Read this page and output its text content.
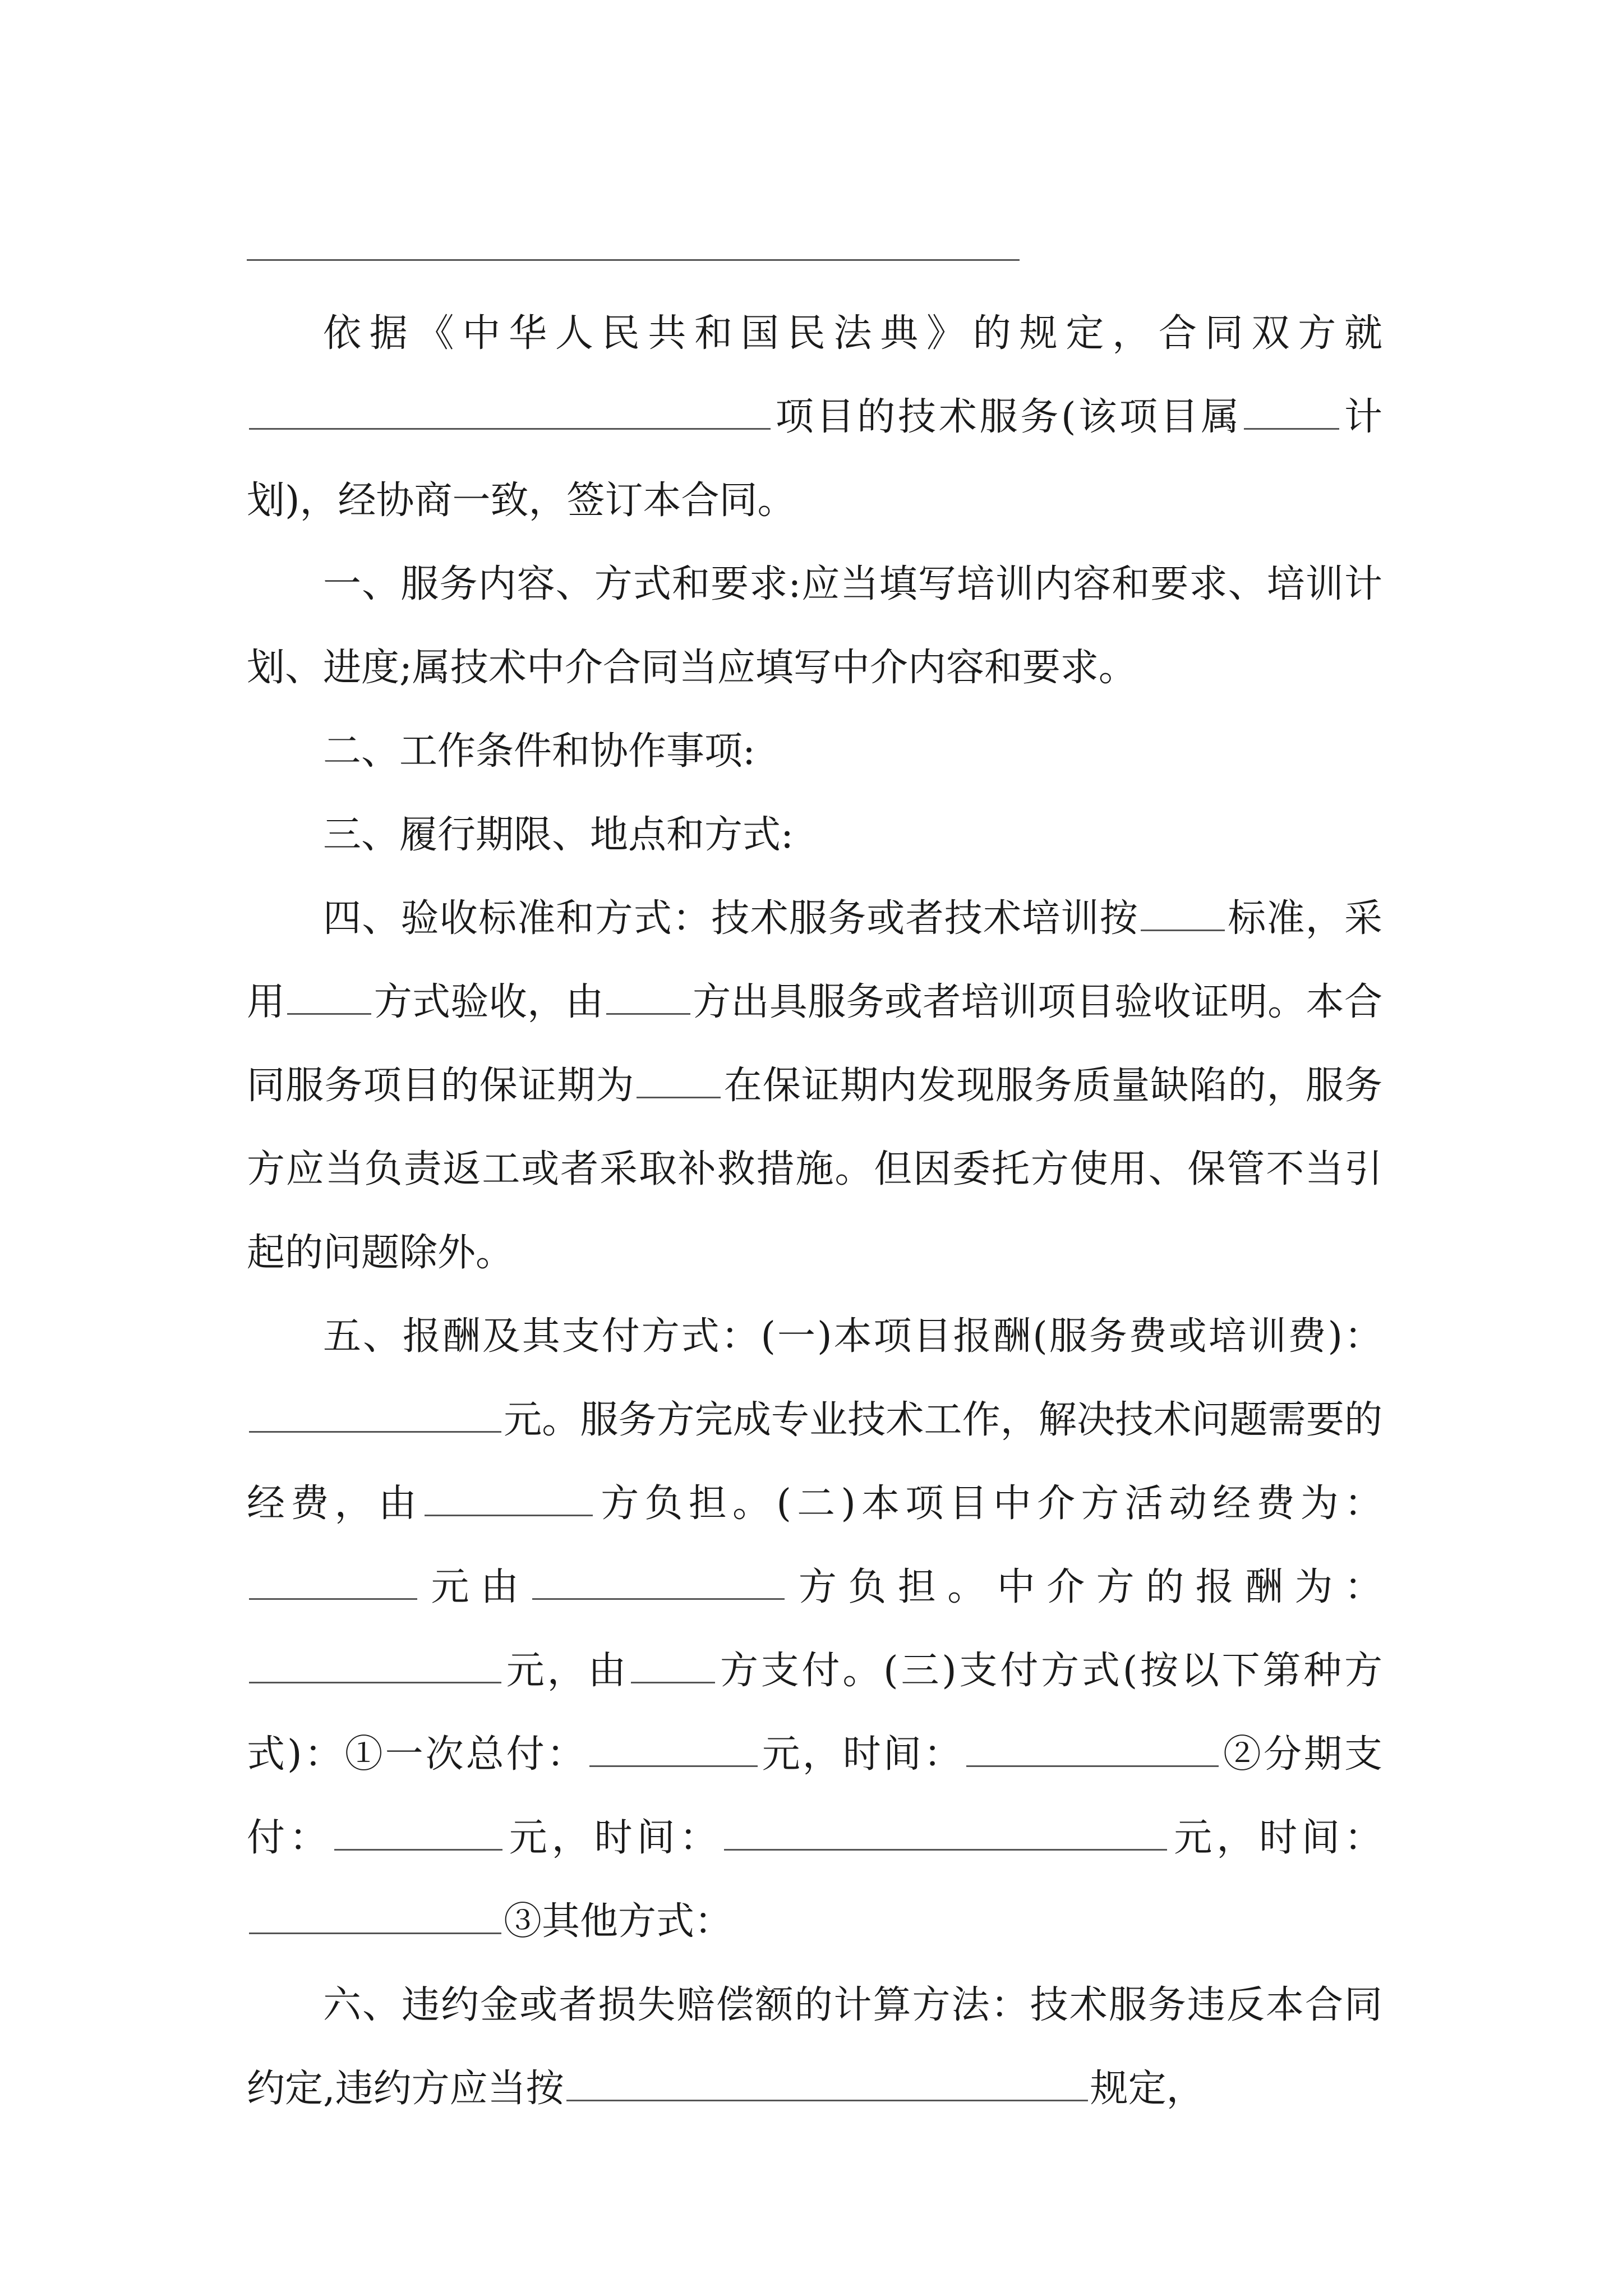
依据《中华人民共和国民法典》的规定，合同双方就项目的技术服务(该项目属	计划)，经协商一致，签订本合同。

一、服务内容、方式和要求:应当填写培训内容和要求、培训计划、进度;属技术中介合同当应填写中介内容和要求。

二、工作条件和协作事项:

三、履行期限、地点和方式:

四、验收标准和方式：技术服务或者技术培训按 标准，采用 方式验收，由 方出具服务或者培训项目验收证明。本合同服务项目的保证期为 在保证期内发现服务质量缺陷的，服务方应当负责返工或者采取补救措施。但因委托方使用、保管不当引起的问题除外。

五、报酬及其支付方式：(一)本项目报酬(服务费或培训费)：元。服务方完成专业技术工作，解决技术问题需要的经费，由	方负担。(二)本项目中介方活动经费为：元由	方负担。中介方的报酬为：元，由 方支付。(三)支付方式(按以下第种方式)：①一次总付：	元，时间：	②分期支付：	元，时间：	元，时间：③其他方式：

六、违约金或者损失赔偿额的计算方法：技术服务违反本合同约定,违约方应当按	规定，
